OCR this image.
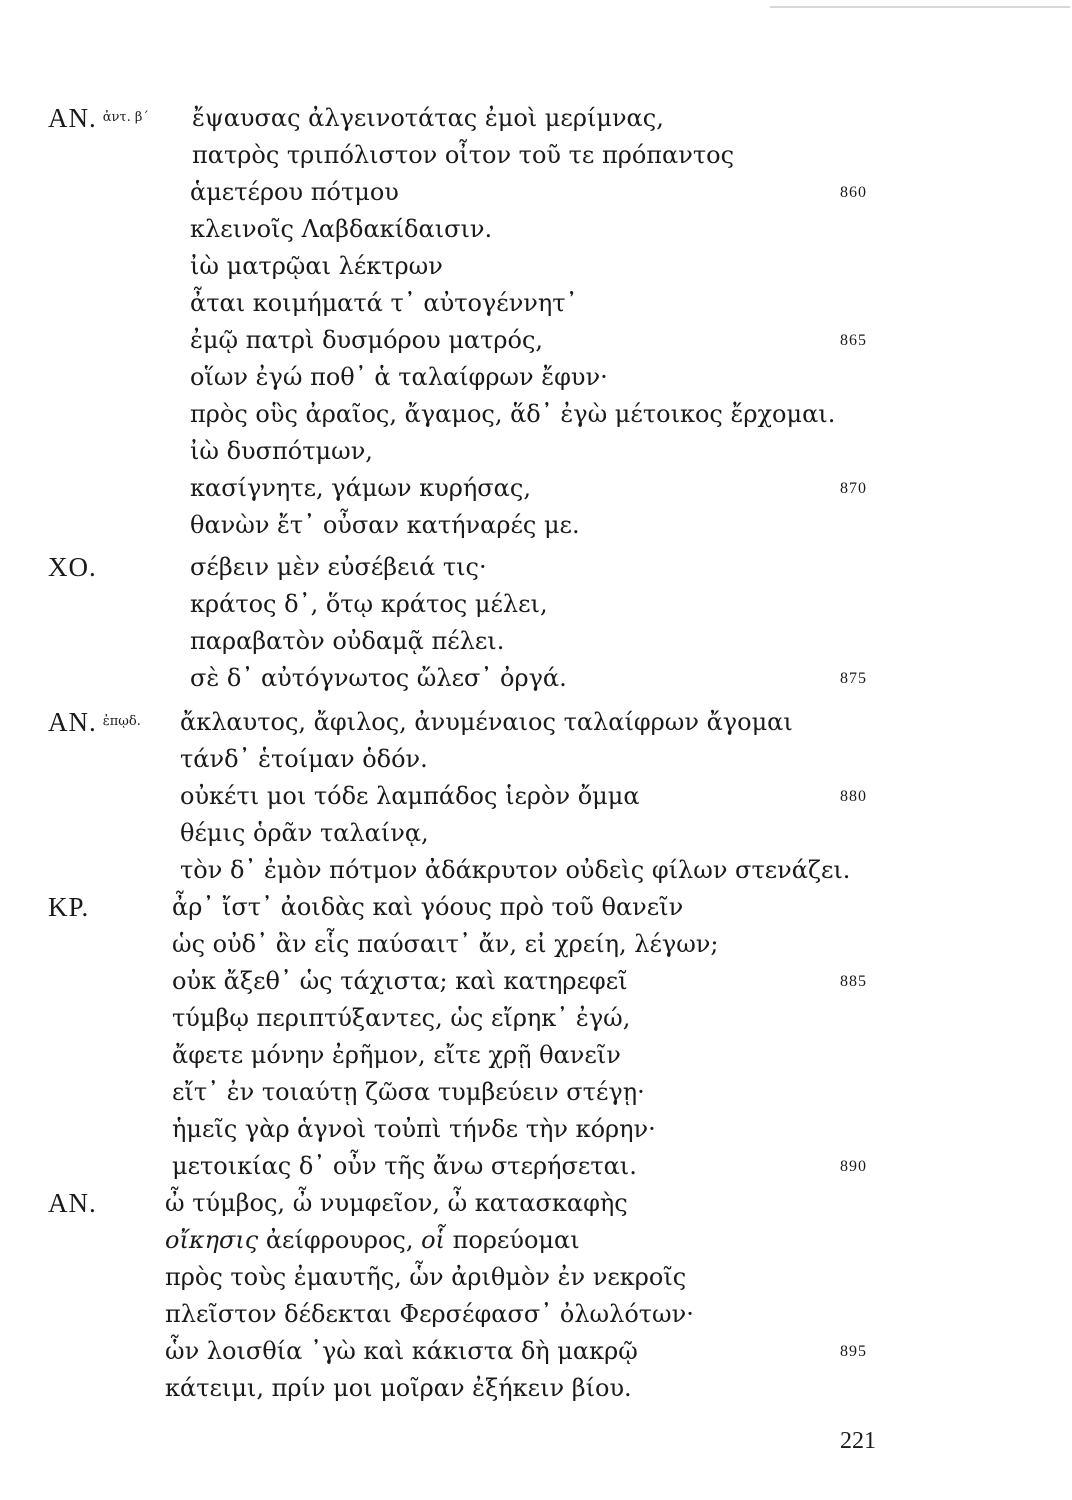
AN. $^{ἀ\nu\tau. \beta΄}$ ἔψαυσας ἀλγεινοτάτας ἐμοὶ μερίμνας,
πατρὸς τριπόλιστον οἶτον τοῦ τε πρόπαντος
ἁμετέρου πότμου	860
κλεινοῖς Λαβδακίδαισιν.
ἰὼ ματρῷαι λέκτρων
ἆται κοιμήματά τ᾽ αὐτογέννητ᾽
ἐμῷ πατρὶ δυσμόρου ματρός,	865
οἵων ἐγώ ποθ᾽ ἁ ταλαίφρων ἔφυν·
πρὸς οὓς ἀραῖος, ἄγαμος, ἅδ᾽ ἐγὼ μέτοικος ἔρχομαι.
ἰὼ δυσπότμων,
κασίγνητε, γάμων κυρήσας,	870
θανὼν ἔτ᾽ οὖσαν κατήναρές με.
XO.	σέβειν μὲν εὐσέβειά τις·
κράτος δ᾽, ὅτῳ κράτος μέλει,
παραβατὸν οὐδαμᾷ πέλει.
σὲ δ᾽ αὐτόγνωτος ὤλεσ᾽ ὀργά.	875
AN. $^{ἐ\pi ῳ\delta.}$ ἄκλαυτος, ἄφιλος, ἀνυμέναιος ταλαίφρων ἄγομαι
τάνδ᾽ ἑτοίμαν ὁδόν.
οὐκέτι μοι τόδε λαμπάδος ἱερὸν ὄμμα	880
θέμις ὁρᾶν ταλαίνᾳ,
τὸν δ᾽ ἐμὸν πότμον ἀδάκρυτον οὐδεὶς φίλων στενάζει.
KP.	ἆρ᾽ ἴστ᾽ ἀοιδὰς καὶ γόους πρὸ τοῦ θανεῖν
ὡς οὐδ᾽ ἂν εἷς παύσαιτ᾽ ἄν, εἰ χρείη, λέγων;
οὐκ ἄξεθ᾽ ὡς τάχιστα; καὶ κατηρεφεῖ	885
τύμβῳ περιπτύξαντες, ὡς εἴρηκ᾽ ἐγώ,
ἄφετε μόνην ἐρῆμον, εἴτε χρῇ θανεῖν
εἴτ᾽ ἐν τοιαύτῃ ζῶσα τυμβεύειν στέγῃ·
ἡμεῖς γὰρ ἁγνοὶ τοὐπὶ τήνδε τὴν κόρην·
μετοικίας δ᾽ οὖν τῆς ἄνω στερήσεται.	890
AN.	ὦ τύμβος, ὦ νυμφεῖον, ὦ κατασκαφὴς
οἴκησις ἀείφρουρος, οἷ πορεύομαι
πρὸς τοὺς ἐμαυτῆς, ὧν ἀριθμὸν ἐν νεκροῖς
πλεῖστον δέδεκται Φερσέφασσ᾽ ὀλωλότων·
ὧν λοισθία ᾽γὼ καὶ κάκιστα δὴ μακρῷ	895
κάτειμι, πρίν μοι μοῖραν ἐξήκειν βίου.
221
